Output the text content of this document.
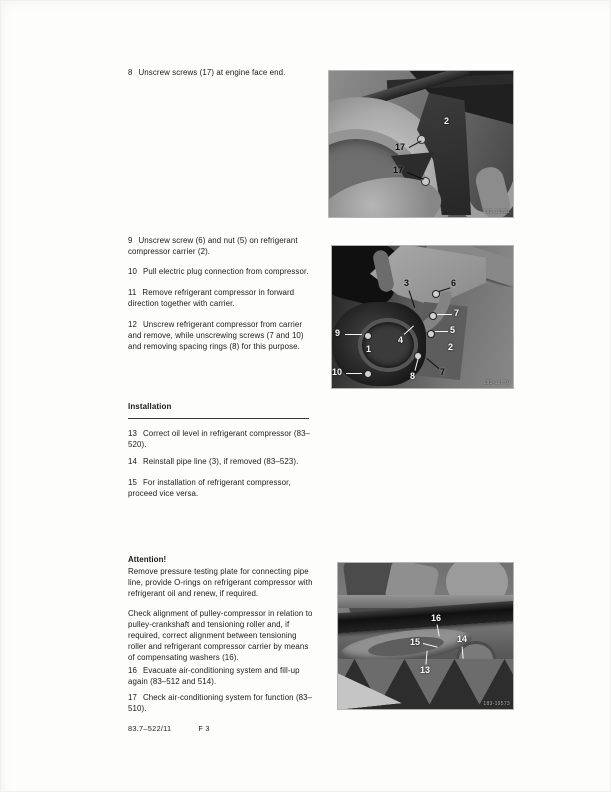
8 Unscrew screws (17) at engine face end.

9 Unscrew screw (6) and nut (5) on refrigerant compressor carrier (2).

10 Pull electric plug connection from compressor.

11 Remove refrigerant compressor in forward direction together with carrier.

12 Unscrew refrigerant compressor from carrier and remove, while unscrewing screws (7 and 10) and removing spacing rings (8) for this purpose.

Installation

13 Correct oil level in refrigerant compressor (83–520).

14 Reinstall pipe line (3), if removed (83–523).

15 For installation of refrigerant compressor, proceed vice versa.

Attention!

Remove pressure testing plate for connecting pipe line, provide O-rings on refrigerant compressor with refrigerant oil and renew, if required.

Check alignment of pulley-compressor in relation to pulley-crankshaft and tensioning roller and, if required, correct alignment between tensioning roller and refrigerant compressor carrier by means of compensating washers (16).

16 Evacuate air-conditioning system and fill-up again (83–512 and 514).

17 Check air-conditioning system for function (83–510).

83.7–522/11	F 3
2
17
17
183-19521
3	6
7
5
2
9
4
1
10	8	7
183-19570
16
15	14
13
183-19573
